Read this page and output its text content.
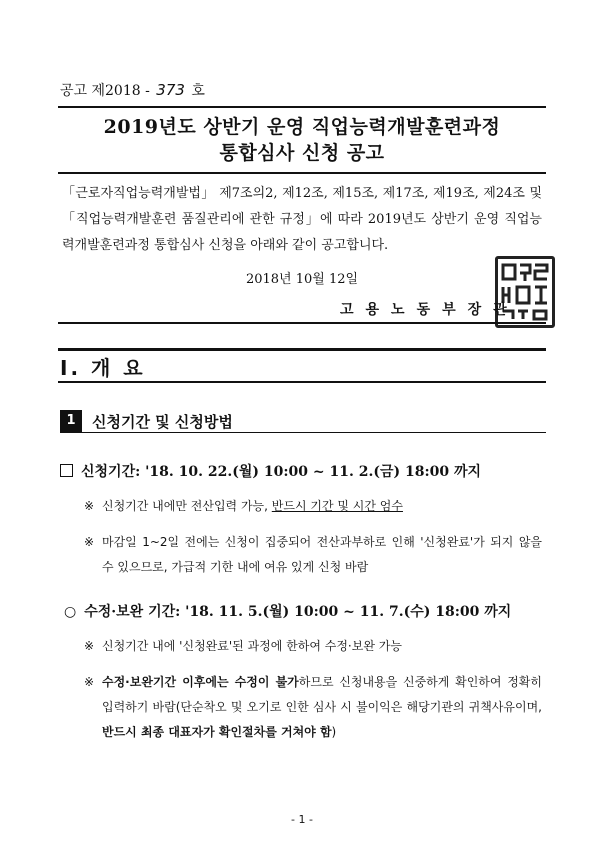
공고 제2018 - 373 호
2019년도 상반기 운영 직업능력개발훈련과정
통합심사 신청 공고
「근로자직업능력개발법」 제7조의2, 제12조, 제15조, 제17조, 제19조, 제24조 및 「직업능력개발훈련 품질관리에 관한 규정」에 따라 2019년도 상반기 운영 직업능력개발훈련과정 통합심사 신청을 아래와 같이 공고합니다.
2018년 10월 12일
고용노동부장관
Ⅰ. 개 요
1	신청기간 및 신청방법
신청기간: '18. 10. 22.(월) 10:00 ~ 11. 2.(금) 18:00 까지
※ 신청기간 내에만 전산입력 가능, 반드시 기간 및 시간 엄수
※ 마감일 1~2일 전에는 신청이 집중되어 전산과부하로 인해 '신청완료'가 되지 않을 수 있으므로, 가급적 기한 내에 여유 있게 신청 바람
○ 수정·보완 기간: '18. 11. 5.(월) 10:00 ~ 11. 7.(수) 18:00 까지
※ 신청기간 내에 '신청완료'된 과정에 한하여 수정·보완 가능
※ 수정·보완기간 이후에는 수정이 불가하므로 신청내용을 신중하게 확인하여 정확히 입력하기 바람(단순착오 및 오기로 인한 심사 시 불이익은 해당기관의 귀책사유이며, 반드시 최종 대표자가 확인절차를 거쳐야 함)
- 1 -
